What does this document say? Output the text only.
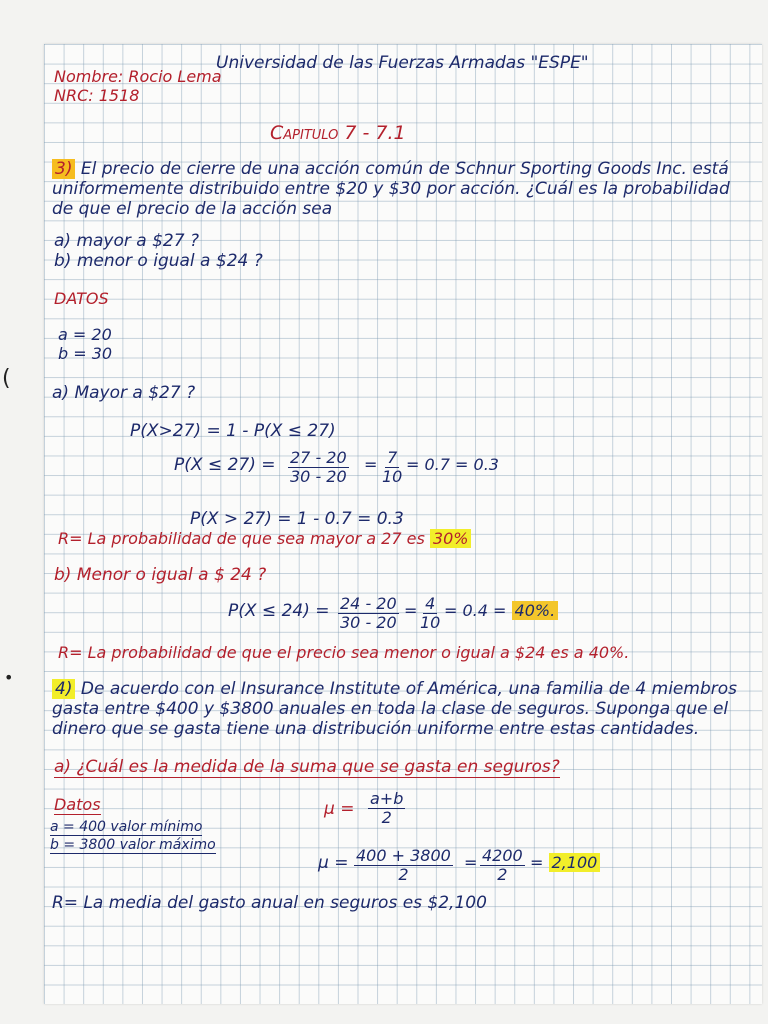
Universidad de las Fuerzas Armadas "ESPE"
Nombre: Rocio Lema
NRC: 1518
Capitulo 7 - 7.1
3) El precio de cierre de una acción común de Schnur Sporting Goods Inc. está
uniformemente distribuido entre $20 y $30 por acción. ¿Cuál es la probabilidad
de que el precio de la acción sea
a) mayor a $27 ?
b) menor o igual a $24 ?
DATOS
a = 20
b = 30
a) Mayor a $27 ?
P(X>27) = 1 - P(X ≤ 27)
$P(X \le 27) = \frac{27 - 20}{30 - 20} = \frac{7}{10} = 0.7 = 0.3$
P(X > 27) = 1 - 0.7 = 0.3
R= La probabilidad de que sea mayor a 27 es 30%
b) Menor o igual a $ 24 ?
$P(X \le 24) = \frac{24 - 20}{30 - 20} = \frac{4}{10} = 0.4 = 40\%$.
R= La probabilidad de que el precio sea menor o igual a $24 es a 40%.
4) De acuerdo con el Insurance Institute of América, una familia de 4 miembros
gasta entre $400 y $3800 anuales en toda la clase de seguros. Suponga que el
dinero que se gasta tiene una distribución uniforme entre estas cantidades.
a) ¿Cuál es la medida de la suma que se gasta en seguros?
Datos
a = 400 valor mínimo
b = 3800 valor máximo
$\mu = \frac{a+b}{2}$
$\mu = \frac{400 + 3800}{2} = \frac{4200}{2} = 2,100$
R= La media del gasto anual en seguros es $2,100
(
•
